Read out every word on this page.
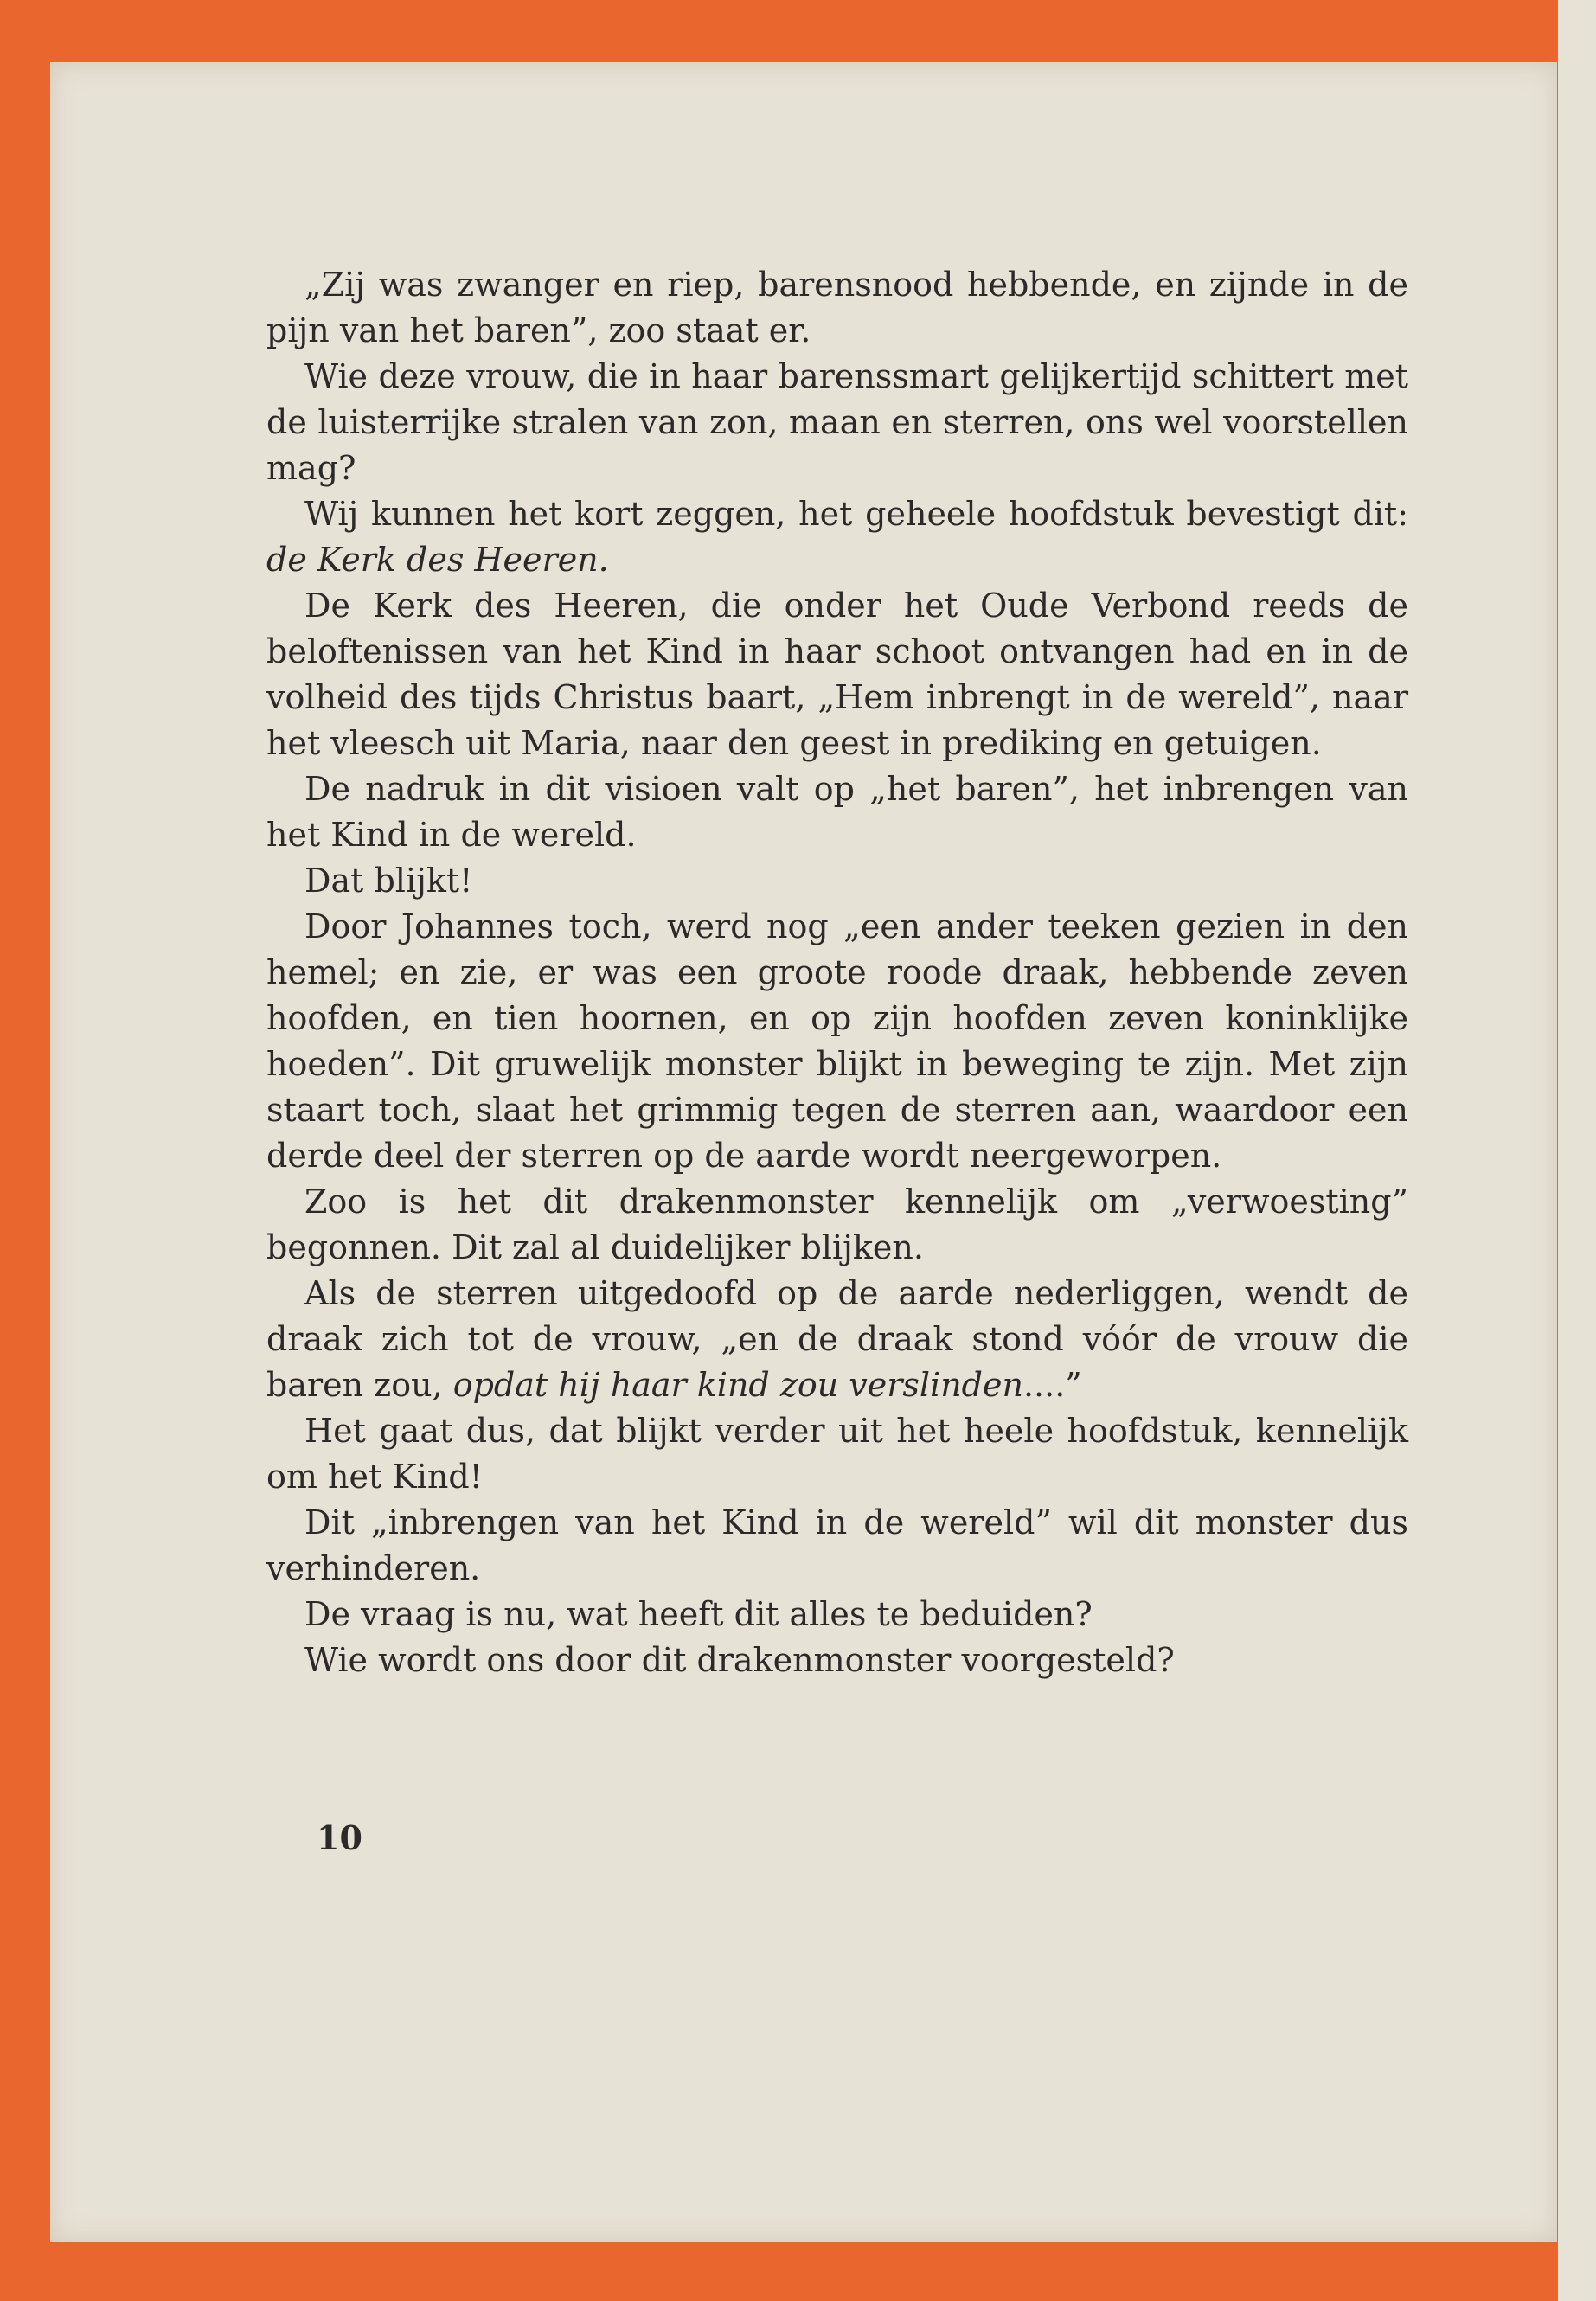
„Zij was zwanger en riep, barensnood hebbende, en zijnde in de pijn van het baren”, zoo staat er.

Wie deze vrouw, die in haar barenssmart gelijkertijd schittert met de luisterrijke stralen van zon, maan en sterren, ons wel voorstellen mag?

Wij kunnen het kort zeggen, het geheele hoofdstuk bevestigt dit: de Kerk des Heeren.

De Kerk des Heeren, die onder het Oude Verbond reeds de beloftenissen van het Kind in haar schoot ontvangen had en in de volheid des tijds Christus baart, „Hem inbrengt in de wereld”, naar het vleesch uit Maria, naar den geest in prediking en getuigen.

De nadruk in dit visioen valt op „het baren”, het inbrengen van het Kind in de wereld.

Dat blijkt!

Door Johannes toch, werd nog „een ander teeken gezien in den hemel; en zie, er was een groote roode draak, hebbende zeven hoofden, en tien hoornen, en op zijn hoofden zeven koninklijke hoeden”. Dit gruwelijk monster blijkt in beweging te zijn. Met zijn staart toch, slaat het grimmig tegen de sterren aan, waardoor een derde deel der sterren op de aarde wordt neergeworpen.

Zoo is het dit drakenmonster kennelijk om „verwoesting” begonnen. Dit zal al duidelijker blijken.

Als de sterren uitgedoofd op de aarde nederliggen, wendt de draak zich tot de vrouw, „en de draak stond vóór de vrouw die baren zou, opdat hij haar kind zou verslinden....”

Het gaat dus, dat blijkt verder uit het heele hoofdstuk, kennelijk om het Kind!

Dit „inbrengen van het Kind in de wereld” wil dit monster dus verhinderen.

De vraag is nu, wat heeft dit alles te beduiden?

Wie wordt ons door dit drakenmonster voorgesteld?

10
